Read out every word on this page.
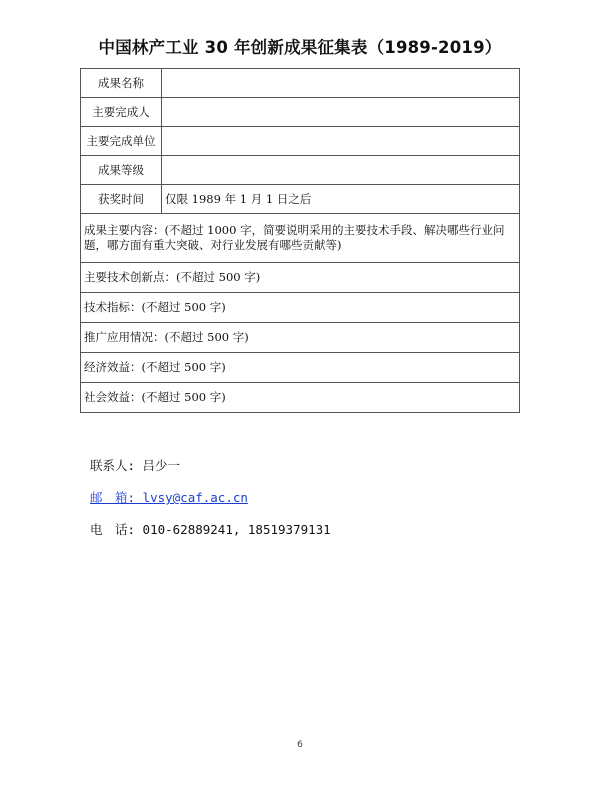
中国林产工业 30 年创新成果征集表（1989-2019）
成果名称	
主要完成人	
主要完成单位	
成果等级	
获奖时间	仅限 1989 年 1 月 1 日之后
成果主要内容：(不超过 1000 字，简要说明采用的主要技术手段、解决哪些行业问题，哪方面有重大突破、对行业发展有哪些贡献等)	
主要技术创新点：(不超过 500 字)	
技术指标：(不超过 500 字)	
推广应用情况：(不超过 500 字)	
经济效益：(不超过 500 字)	
社会效益：(不超过 500 字)	
联系人: 吕少一
邮　箱: lvsy@caf.ac.cn
电　话: 010-62889241, 18519379131
6
